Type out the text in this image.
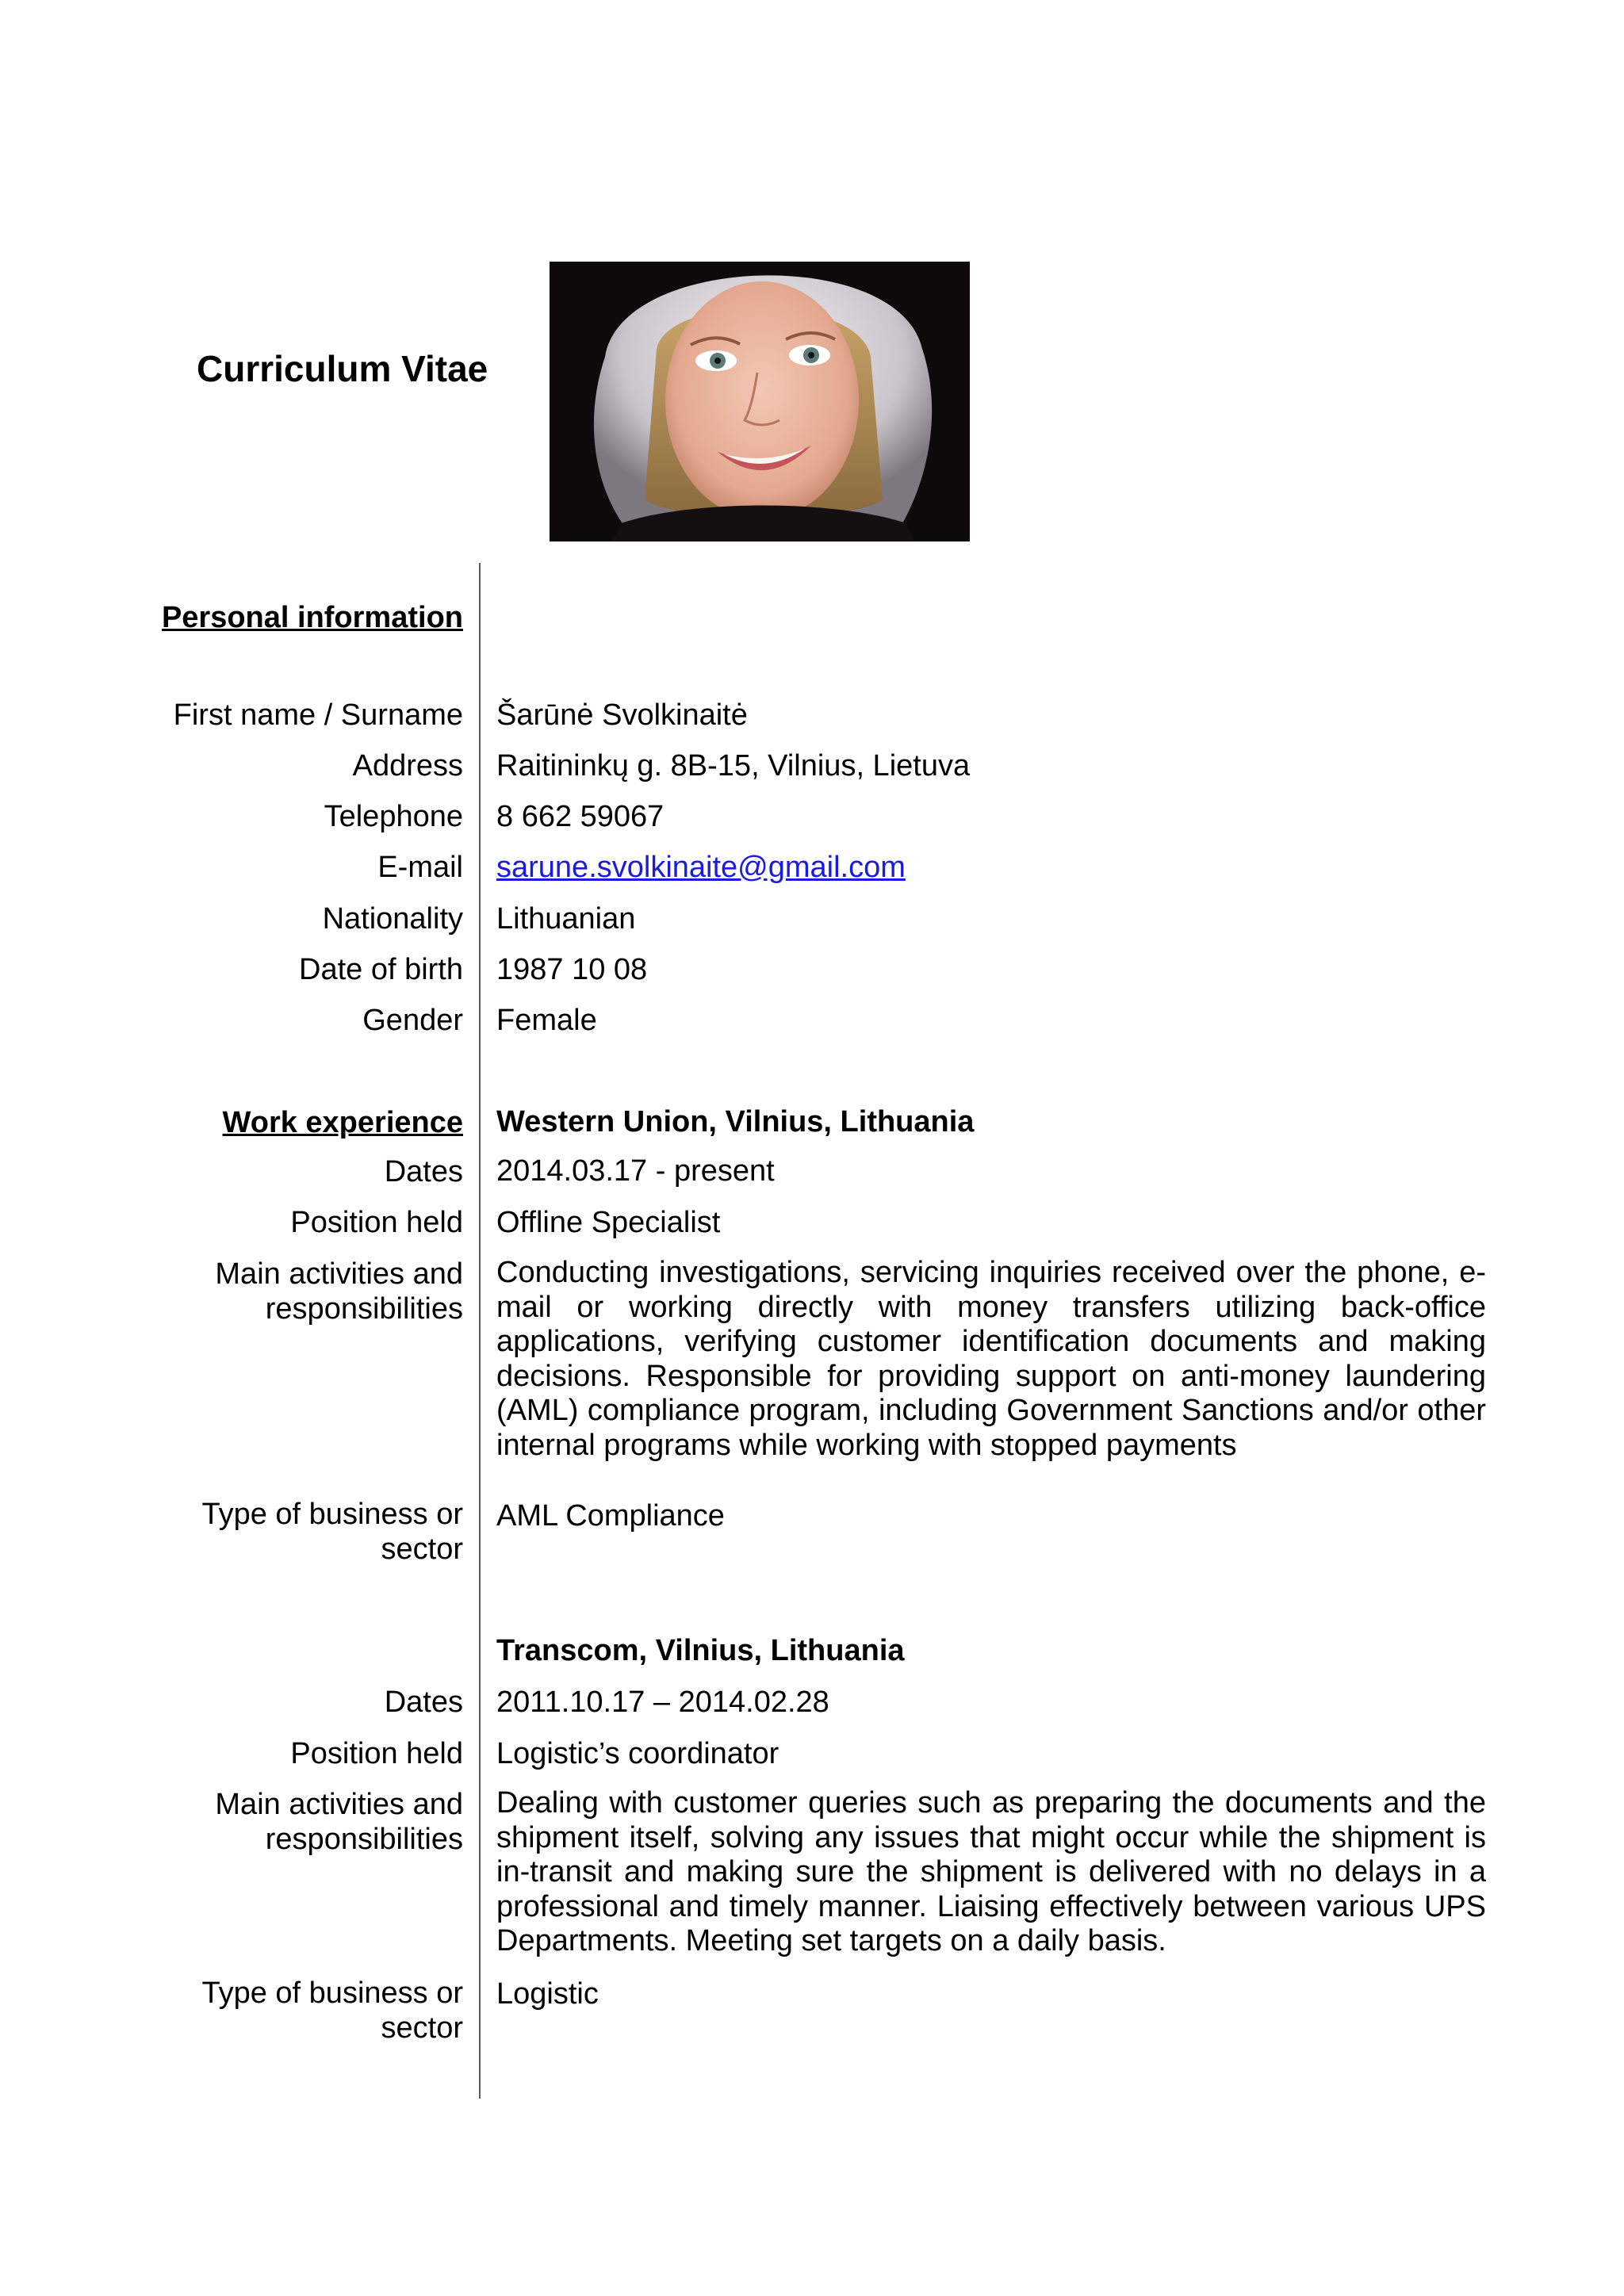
Curriculum Vitae
Personal information
First name / Surname Šarūnė Svolkinaitė
Address Raitininkų g. 8B-15, Vilnius, Lietuva
Telephone 8 662 59067
E-mail sarune.svolkinaite@gmail.com
Nationality Lithuanian
Date of birth 1987 10 08
Gender Female
Work experience Western Union, Vilnius, Lithuania
Dates 2014.03.17 - present
Position held Offline Specialist
Main activities and
responsibilities
Conducting investigations, servicing inquiries received over the phone, e-mail or working directly with money transfers utilizing back-office applications, verifying customer identification documents and making decisions. Responsible for providing support on anti-money laundering (AML) compliance program, including Government Sanctions and/or other internal programs while working with stopped payments
Type of business or
sector
AML Compliance
Transcom, Vilnius, Lithuania
Dates 2011.10.17 – 2014.02.28
Position held Logistic’s coordinator
Main activities and
responsibilities
Dealing with customer queries such as preparing the documents and the shipment itself, solving any issues that might occur while the shipment is in-transit and making sure the shipment is delivered with no delays in a professional and timely manner. Liaising effectively between various UPS Departments. Meeting set targets on a daily basis.
Type of business or
sector
Logistic
